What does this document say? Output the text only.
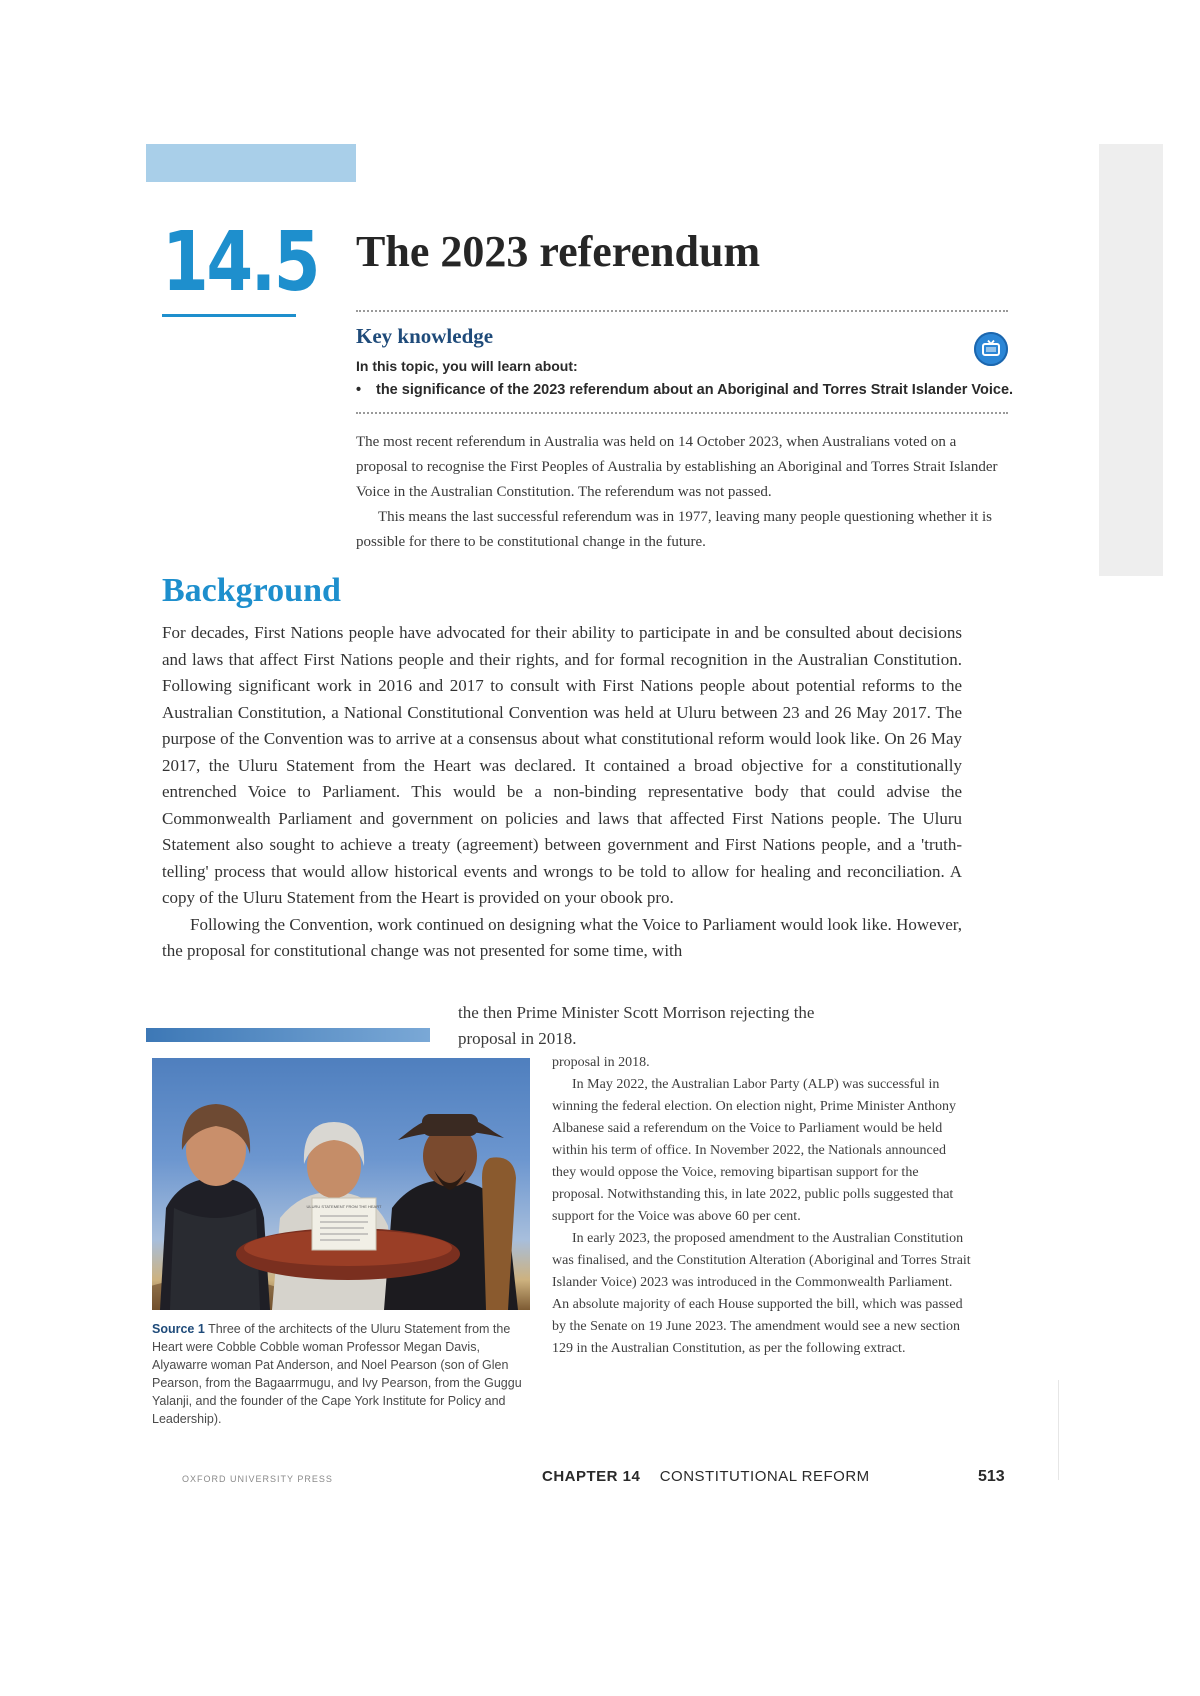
14.5 The 2023 referendum
Key knowledge
In this topic, you will learn about:
• the significance of the 2023 referendum about an Aboriginal and Torres Strait Islander Voice.

The most recent referendum in Australia was held on 14 October 2023, when Australians voted on a proposal to recognise the First Peoples of Australia by establishing an Aboriginal and Torres Strait Islander Voice in the Australian Constitution. The referendum was not passed.

This means the last successful referendum was in 1977, leaving many people questioning whether it is possible for there to be constitutional change in the future.

Background

For decades, First Nations people have advocated for their ability to participate in and be consulted about decisions and laws that affect First Nations people and their rights, and for formal recognition in the Australian Constitution. Following significant work in 2016 and 2017 to consult with First Nations people about potential reforms to the Australian Constitution, a National Constitutional Convention was held at Uluru between 23 and 26 May 2017. The purpose of the Convention was to arrive at a consensus about what constitutional reform would look like. On 26 May 2017, the Uluru Statement from the Heart was declared. It contained a broad objective for a constitutionally entrenched Voice to Parliament. This would be a non-binding representative body that could advise the Commonwealth Parliament and government on policies and laws that affected First Nations people. The Uluru Statement also sought to achieve a treaty (agreement) between government and First Nations people, and a 'truth-telling' process that would allow historical events and wrongs to be told to allow for healing and reconciliation. A copy of the Uluru Statement from the Heart is provided on your obook pro.

Following the Convention, work continued on designing what the Voice to Parliament would look like. However, the proposal for constitutional change was not presented for some time, with

the then Prime Minister Scott Morrison rejecting the

proposal in 2018.

ULURU STATEMENT FROM THE HEART
Source 1 Three of the architects of the Uluru Statement from the Heart were Cobble Cobble woman Professor Megan Davis, Alyawarre woman Pat Anderson, and Noel Pearson (son of Glen Pearson, from the Bagaarrmugu, and Ivy Pearson, from the Guggu Yalanji, and the founder of the Cape York Institute for Policy and Leadership).

proposal in 2018.

In May 2022, the Australian Labor Party (ALP) was successful in winning the federal election. On election night, Prime Minister Anthony Albanese said a referendum on the Voice to Parliament would be held within his term of office. In November 2022, the Nationals announced they would oppose the Voice, removing bipartisan support for the proposal. Notwithstanding this, in late 2022, public polls suggested that support for the Voice was above 60 per cent.

In early 2023, the proposed amendment to the Australian Constitution was finalised, and the Constitution Alteration (Aboriginal and Torres Strait Islander Voice) 2023 was introduced in the Commonwealth Parliament. An absolute majority of each House supported the bill, which was passed by the Senate on 19 June 2023. The amendment would see a new section 129 in the Australian Constitution, as per the following extract.

OXFORD UNIVERSITY PRESS	CHAPTER 14 CONSTITUTIONAL REFORM	513
